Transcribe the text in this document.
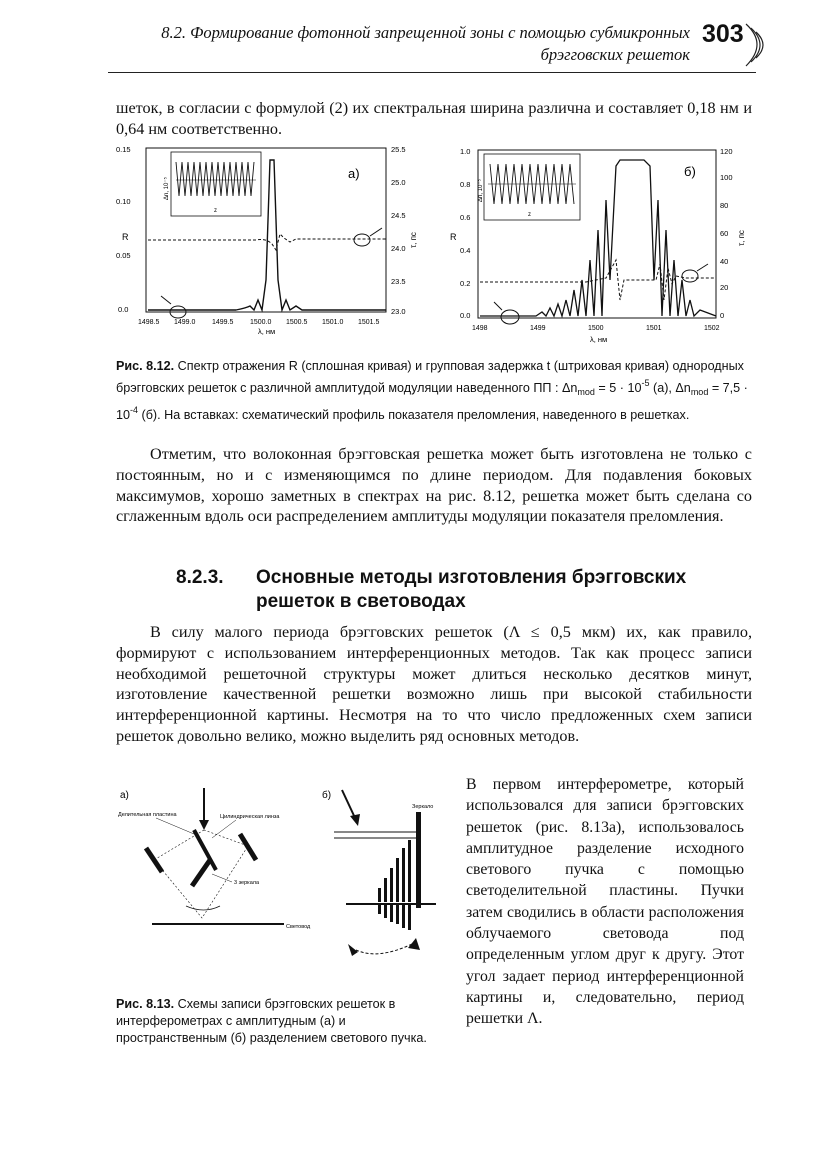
8.2. Формирование фотонной запрещенной зоны с помощью субмикронных
брэгговских решеток
303
шеток, в согласии с формулой (2) их спектральная ширина различна и составляет 0,18 нм и 0,64 нм соответственно.
0.15
0.10
0.05
0.0
R
25.5
25.0
24.5
24.0
23.5
23.0
τ, пс
1498.5 1499.0 1499.5 1500.0 1500.5 1501.0 1501.5
λ, нм
а)
Δn, 10⁻⁵
z
1.0
0.8
0.6
0.4
0.2
0.0
R
120
100
80
60
40
20
0
τ, пс
1498	1499	1500	1501	1502
λ, нм
б)
Δn, 10⁻⁵
z
Рис. 8.12. Спектр отражения R (сплошная кривая) и групповая задержка t (штриховая кривая) однородных брэгговских решеток с различной амплитудой модуляции наведенного ПП : $\Delta n_{mod} = 5 \cdot 10^{-5}$ (а), $\Delta n_{mod} = 7,5 \cdot 10^{-4}$ (б). На вставках: схематический профиль показателя преломления, наведенного в решетках.
Отметим, что волоконная брэгговская решетка может быть изготовлена не только с постоянным, но и с изменяющимся по длине периодом. Для подавления боковых максимумов, хорошо заметных в спектрах на рис. 8.12, решетка может быть сделана со сглаженным вдоль оси распределением амплитуды модуляции показателя преломления.
8.2.3. Основные методы изготовления брэгговских
решеток в световодах
В силу малого периода брэгговских решеток (Λ ≤ 0,5 мкм) их, как правило, формируют с использованием интерференционных методов. Так как процесс записи необходимой решеточной структуры может длиться несколько десятков минут, изготовление качественной решетки возможно лишь при высокой стабильности интерференционной картины. Несмотря на то что число предложенных схем записи решеток довольно велико, можно выделить ряд основных методов.
а)	б)
Делительная пластина	Цилиндрическая линза
3 зеркала
Световод
Зеркало
Рис. 8.13. Схемы записи брэгговских решеток в интерферометрах с амплитудным (а) и пространственным (б) разделением светового пучка.
В первом интерферометре, который использовался для записи брэгговских решеток (рис. 8.13а), использовалось амплитудное разделение исходного светового пучка с помощью светоделительной пластины. Пучки затем сводились в области расположения облучаемого световода под определенным углом друг к другу. Этот угол задает период интерференционной картины и, следовательно, период решетки Λ.
